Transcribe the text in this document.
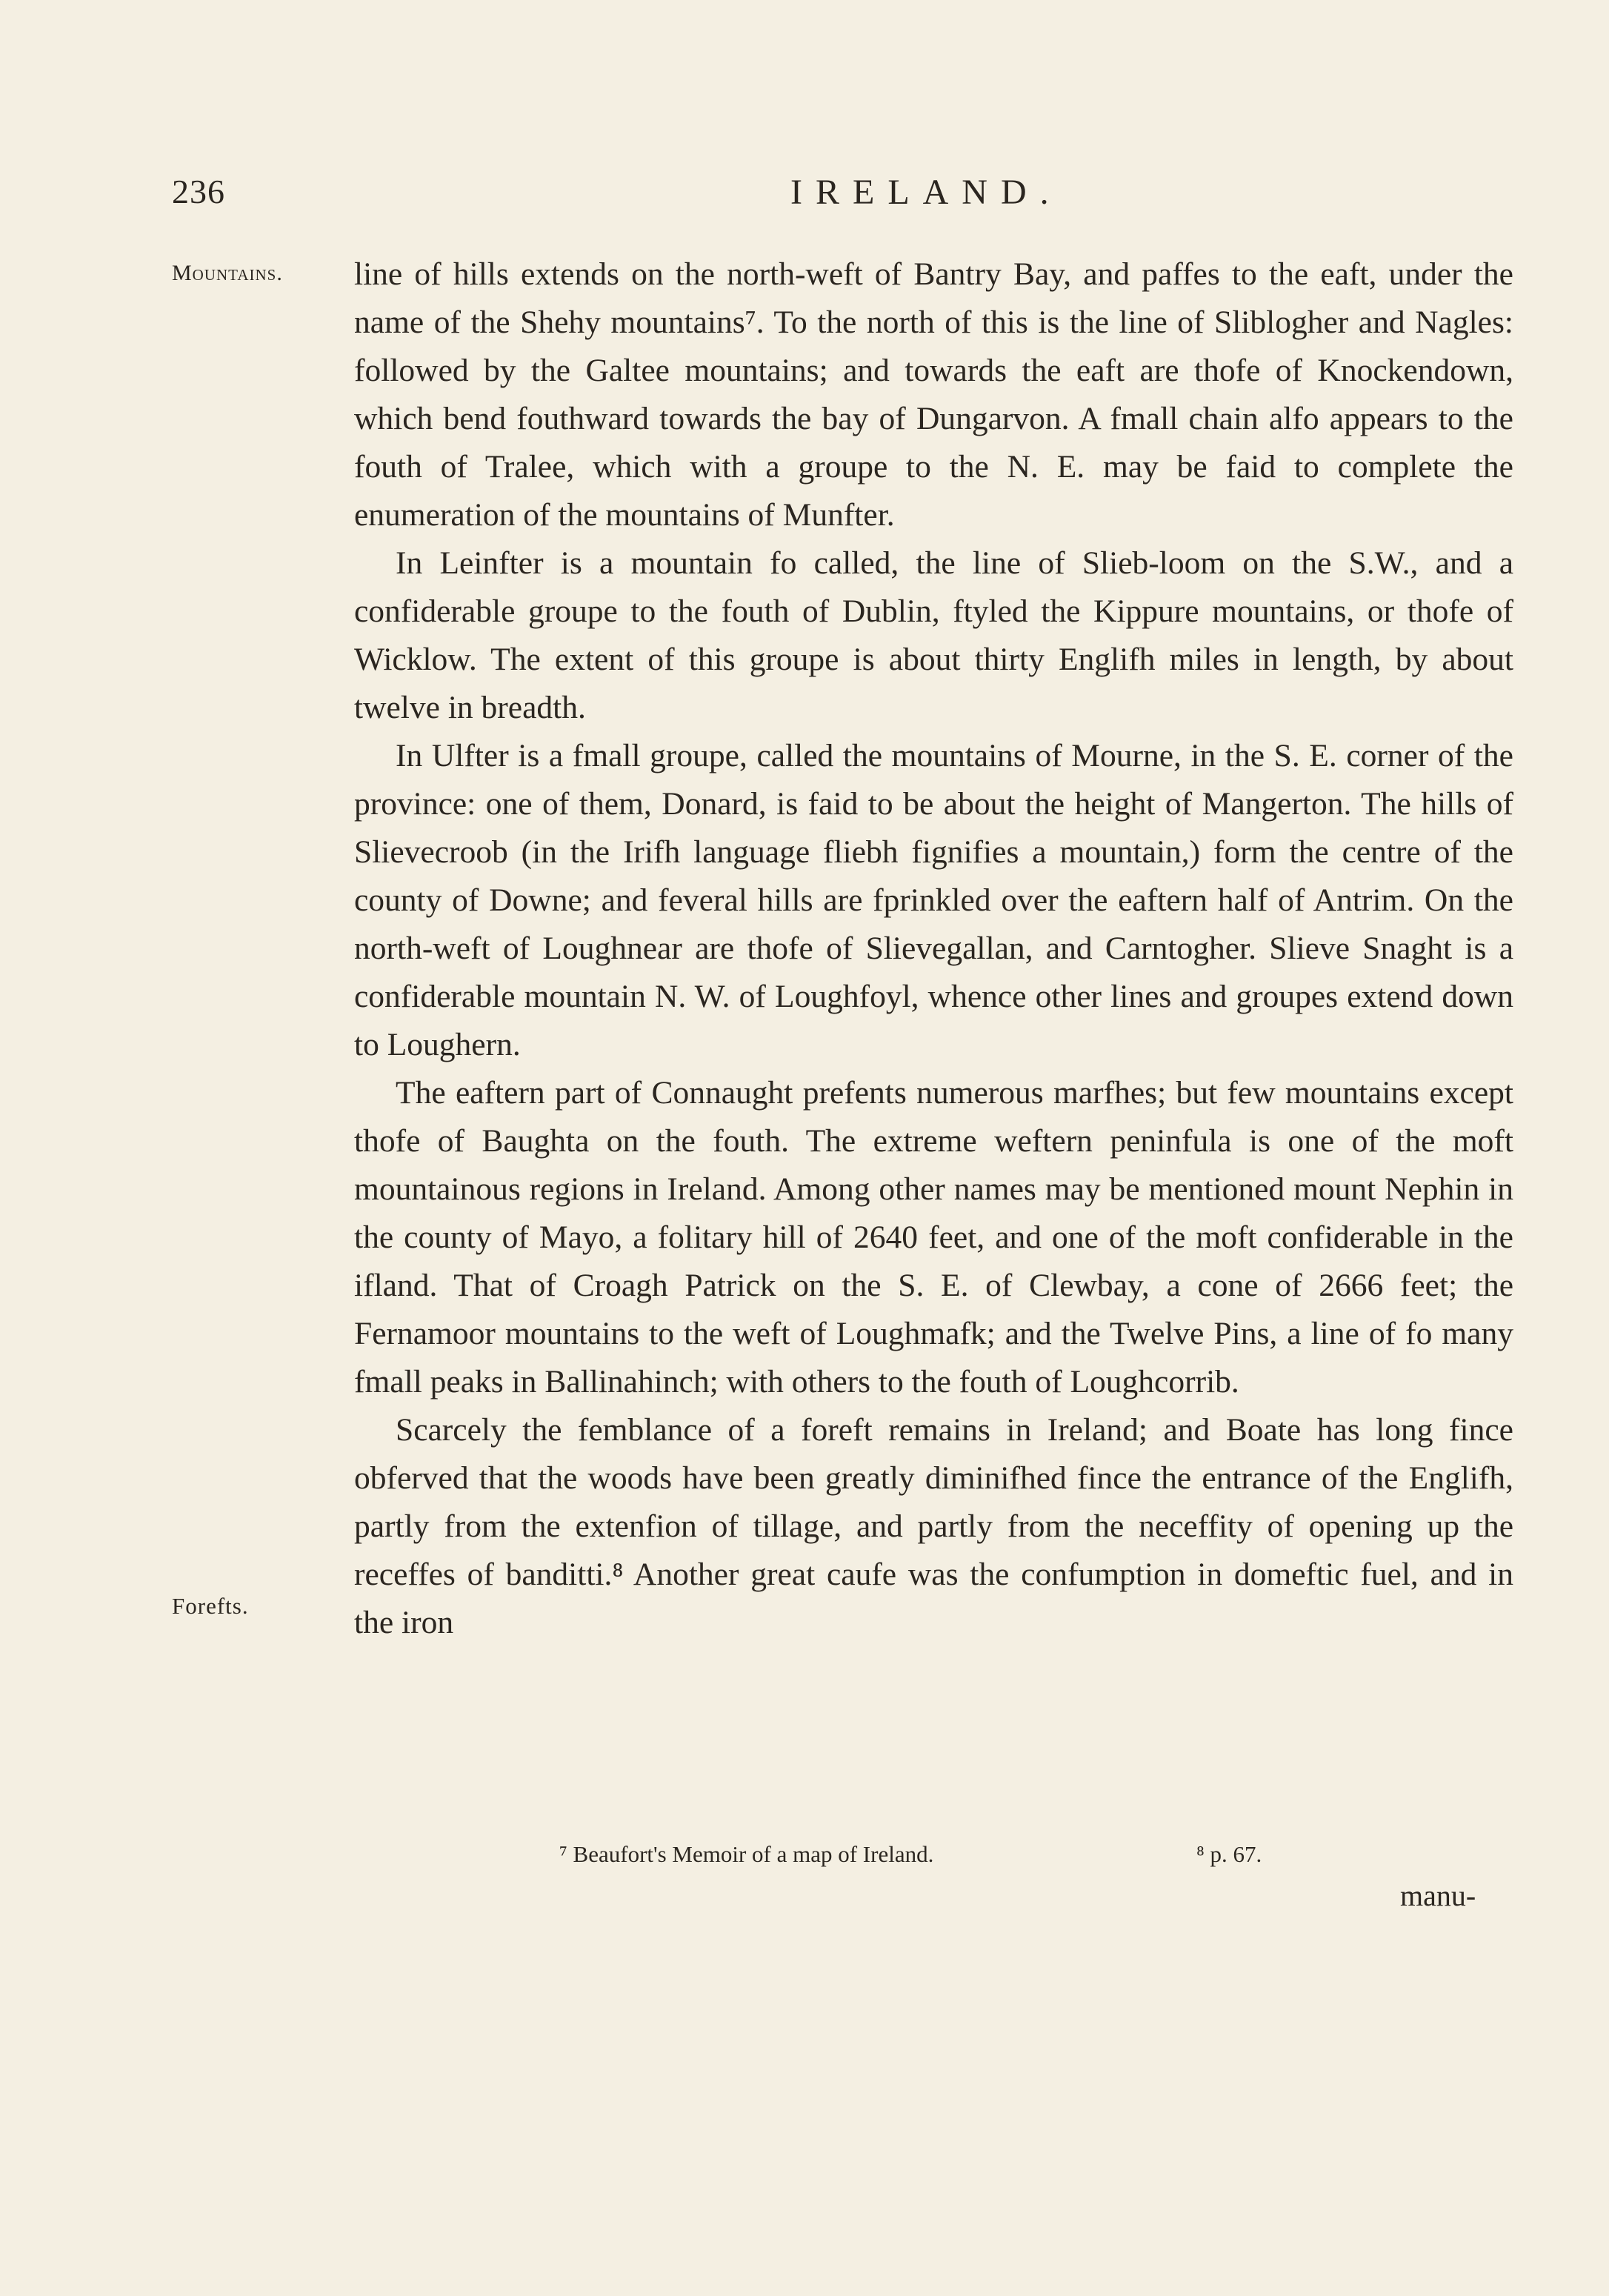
236	IRELAND.
Mountains.
Forefts.

line of hills extends on the north-weft of Bantry Bay, and paffes to the eaft, under the name of the Shehy mountains⁷. To the north of this is the line of Sliblogher and Nagles: followed by the Galtee mountains; and towards the eaft are thofe of Knockendown, which bend fouthward towards the bay of Dungarvon. A fmall chain alfo appears to the fouth of Tralee, which with a groupe to the N. E. may be faid to complete the enumeration of the mountains of Munfter.

In Leinfter is a mountain fo called, the line of Slieb-loom on the S.W., and a confiderable groupe to the fouth of Dublin, ftyled the Kippure mountains, or thofe of Wicklow. The extent of this groupe is about thirty Englifh miles in length, by about twelve in breadth.

In Ulfter is a fmall groupe, called the mountains of Mourne, in the S. E. corner of the province: one of them, Donard, is faid to be about the height of Mangerton. The hills of Slievecroob (in the Irifh language fliebh fignifies a mountain,) form the centre of the county of Downe; and feveral hills are fprinkled over the eaftern half of Antrim. On the north-weft of Loughnear are thofe of Slievegallan, and Carntogher. Slieve Snaght is a confiderable mountain N. W. of Loughfoyl, whence other lines and groupes extend down to Loughern.

The eaftern part of Connaught prefents numerous marfhes; but few mountains except thofe of Baughta on the fouth. The extreme weftern peninfula is one of the moft mountainous regions in Ireland. Among other names may be mentioned mount Nephin in the county of Mayo, a folitary hill of 2640 feet, and one of the moft confiderable in the ifland. That of Croagh Patrick on the S. E. of Clewbay, a cone of 2666 feet; the Fernamoor mountains to the weft of Loughmafk; and the Twelve Pins, a line of fo many fmall peaks in Ballinahinch; with others to the fouth of Loughcorrib.

Scarcely the femblance of a foreft remains in Ireland; and Boate has long fince obferved that the woods have been greatly diminifhed fince the entrance of the Englifh, partly from the extenfion of tillage, and partly from the neceffity of opening up the receffes of banditti.⁸ Another great caufe was the confumption in domeftic fuel, and in the iron

⁷ Beaufort's Memoir of a map of Ireland.	⁸ p. 67.
manu-
